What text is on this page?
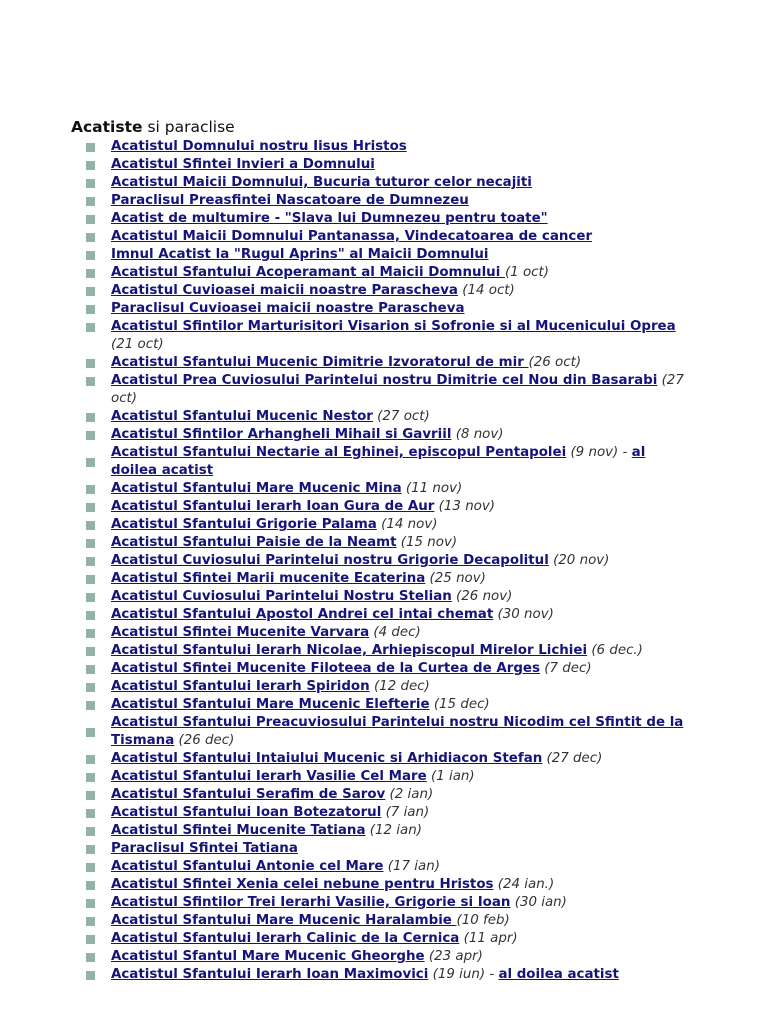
Acatiste si paraclise
Acatistul Domnului nostru Iisus Hristos
Acatistul Sfintei Invieri a Domnului
Acatistul Maicii Domnului, Bucuria tuturor celor necajiti
Paraclisul Preasfintei Nascatoare de Dumnezeu
Acatist de multumire - "Slava lui Dumnezeu pentru toate"
Acatistul Maicii Domnului Pantanassa, Vindecatoarea de cancer
Imnul Acatist la "Rugul Aprins" al Maicii Domnului
Acatistul Sfantului Acoperamant al Maicii Domnului (1 oct)
Acatistul Cuvioasei maicii noastre Parascheva (14 oct)
Paraclisul Cuvioasei maicii noastre Parascheva
Acatistul Sfintilor Marturisitori Visarion si Sofronie si al Mucenicului Oprea (21 oct)
Acatistul Sfantului Mucenic Dimitrie Izvoratorul de mir (26 oct)
Acatistul Prea Cuviosului Parintelui nostru Dimitrie cel Nou din Basarabi (27 oct)
Acatistul Sfantului Mucenic Nestor (27 oct)
Acatistul Sfintilor Arhangheli Mihail si Gavriil (8 nov)
Acatistul Sfantului Nectarie al Eghinei, episcopul Pentapolei (9 nov) - al doilea acatist
Acatistul Sfantului Mare Mucenic Mina (11 nov)
Acatistul Sfantului Ierarh Ioan Gura de Aur (13 nov)
Acatistul Sfantului Grigorie Palama (14 nov)
Acatistul Sfantului Paisie de la Neamt (15 nov)
Acatistul Cuviosului Parintelui nostru Grigorie Decapolitul (20 nov)
Acatistul Sfintei Marii mucenite Ecaterina (25 nov)
Acatistul Cuviosului Parintelui Nostru Stelian (26 nov)
Acatistul Sfantului Apostol Andrei cel intai chemat (30 nov)
Acatistul Sfintei Mucenite Varvara (4 dec)
Acatistul Sfantului Ierarh Nicolae, Arhiepiscopul Mirelor Lichiei (6 dec.)
Acatistul Sfintei Mucenite Filoteea de la Curtea de Arges (7 dec)
Acatistul Sfantului Ierarh Spiridon (12 dec)
Acatistul Sfantului Mare Mucenic Elefterie (15 dec)
Acatistul Sfantului Preacuviosului Parintelui nostru Nicodim cel Sfintit de la Tismana (26 dec)
Acatistul Sfantului Intaiului Mucenic si Arhidiacon Stefan (27 dec)
Acatistul Sfantului Ierarh Vasilie Cel Mare (1 ian)
Acatistul Sfantului Serafim de Sarov (2 ian)
Acatistul Sfantului Ioan Botezatorul (7 ian)
Acatistul Sfintei Mucenite Tatiana (12 ian)
Paraclisul Sfintei Tatiana
Acatistul Sfantului Antonie cel Mare (17 ian)
Acatistul Sfintei Xenia celei nebune pentru Hristos (24 ian.)
Acatistul Sfintilor Trei Ierarhi Vasilie, Grigorie si Ioan (30 ian)
Acatistul Sfantului Mare Mucenic Haralambie (10 feb)
Acatistul Sfantului Ierarh Calinic de la Cernica (11 apr)
Acatistul Sfantul Mare Mucenic Gheorghe (23 apr)
Acatistul Sfantului Ierarh Ioan Maximovici (19 iun) - al doilea acatist
